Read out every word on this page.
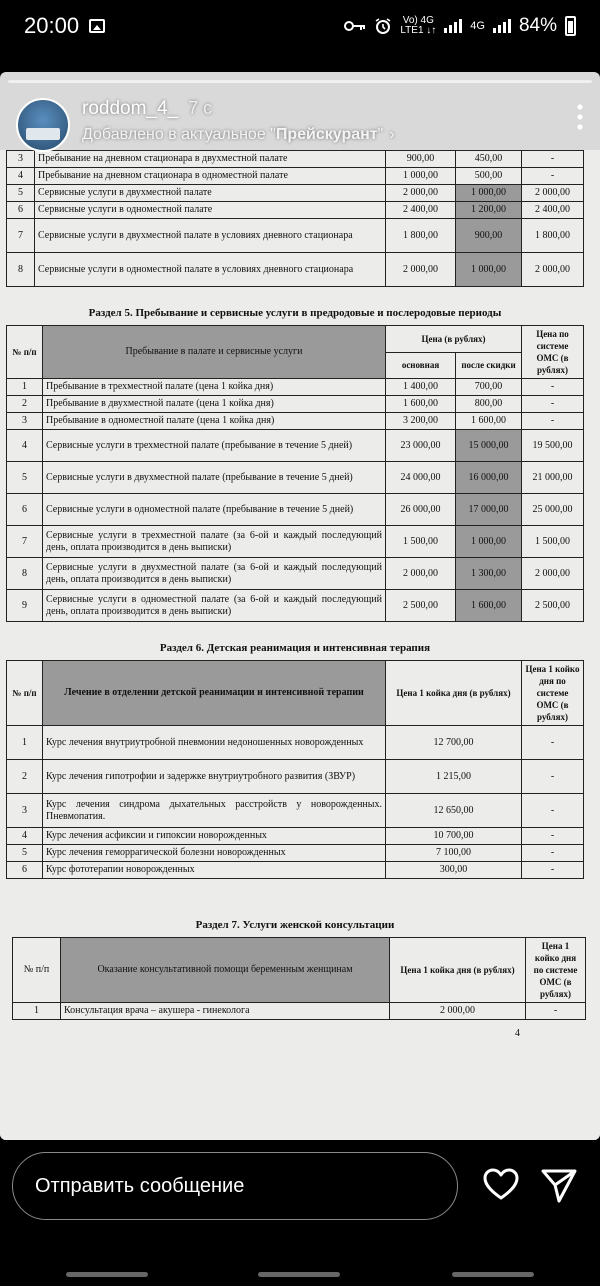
20:00	Vo) 4G
LTE1 ↓↑	4G 84%
3	Пребывание на дневном стационара в двухместной палате	900,00	450,00	-
4	Пребывание на дневном стационара в одноместной палате	1 000,00	500,00	-
5	Сервисные услуги в двухместной палате	2 000,00	1 000,00	2 000,00
6	Сервисные услуги в одноместной палате	2 400,00	1 200,00	2 400,00
7	Сервисные услуги в двухместной палате в условиях дневного стационара	1 800,00	900,00	1 800,00
8	Сервисные услуги в одноместной палате в условиях дневного стационара	2 000,00	1 000,00	2 000,00
Раздел 5. Пребывание и сервисные услуги в предродовые и послеродовые периоды
№ п/п	Пребывание в палате и сервисные услуги	Цена (в рублях)		Цена по системе ОМС (в рублях)
		основная	после скидки	
1	Пребывание в трехместной палате (цена 1 койка дня)	1 400,00	700,00	-
2	Пребывание в двухместной палате (цена 1 койка дня)	1 600,00	800,00	-
3	Пребывание в одноместной палате (цена 1 койка дня)	3 200,00	1 600,00	-
4	Сервисные услуги в трехместной палате (пребывание в течение 5 дней)	23 000,00	15 000,00	19 500,00
5	Сервисные услуги в двухместной палате (пребывание в течение 5 дней)	24 000,00	16 000,00	21 000,00
6	Сервисные услуги в одноместной палате (пребывание в течение 5 дней)	26 000,00	17 000,00	25 000,00
7	Сервисные услуги в трехместной палате (за 6-ой и каждый последующий день, оплата производится в день выписки)	1 500,00	1 000,00	1 500,00
8	Сервисные услуги в двухместной палате (за 6-ой и каждый последующий день, оплата производится в день выписки)	2 000,00	1 300,00	2 000,00
9	Сервисные услуги в одноместной палате (за 6-ой и каждый последующий день, оплата производится в день выписки)	2 500,00	1 600,00	2 500,00
Раздел 6. Детская реанимация и интенсивная терапия
№ п/п	Лечение в отделении детской реанимации и интенсивной терапии	Цена 1 койка дня (в рублях)	Цена 1 койко дня по системе ОМС (в рублях)
1	Курс лечения внутриутробной пневмонии недоношенных новорожденных	12 700,00	-
2	Курс лечения гипотрофии и задержке внутриутробного развития (ЗВУР)	1 215,00	-
3	Курс лечения синдрома дыхательных расстройств у новорожденных. Пневмопатия.	12 650,00	-
4	Курс лечения асфиксии и гипоксии новорожденных	10 700,00	-
5	Курс лечения геморрагической болезни новорожденных	7 100,00	-
6	Курс фототерапии новорожденных	300,00	-
Раздел 7. Услуги женской консультации
№ п/п	Оказание консультативной помощи беременным женщинам	Цена 1 койка дня (в рублях)	Цена 1 койко дня по системе ОМС (в рублях)
1	Консультация врача – акушера - гинеколога	2 000,00	-
4
roddom_4_ 7 с
Добавлено в актуальное "Прейскурант" ›
Отправить сообщение
